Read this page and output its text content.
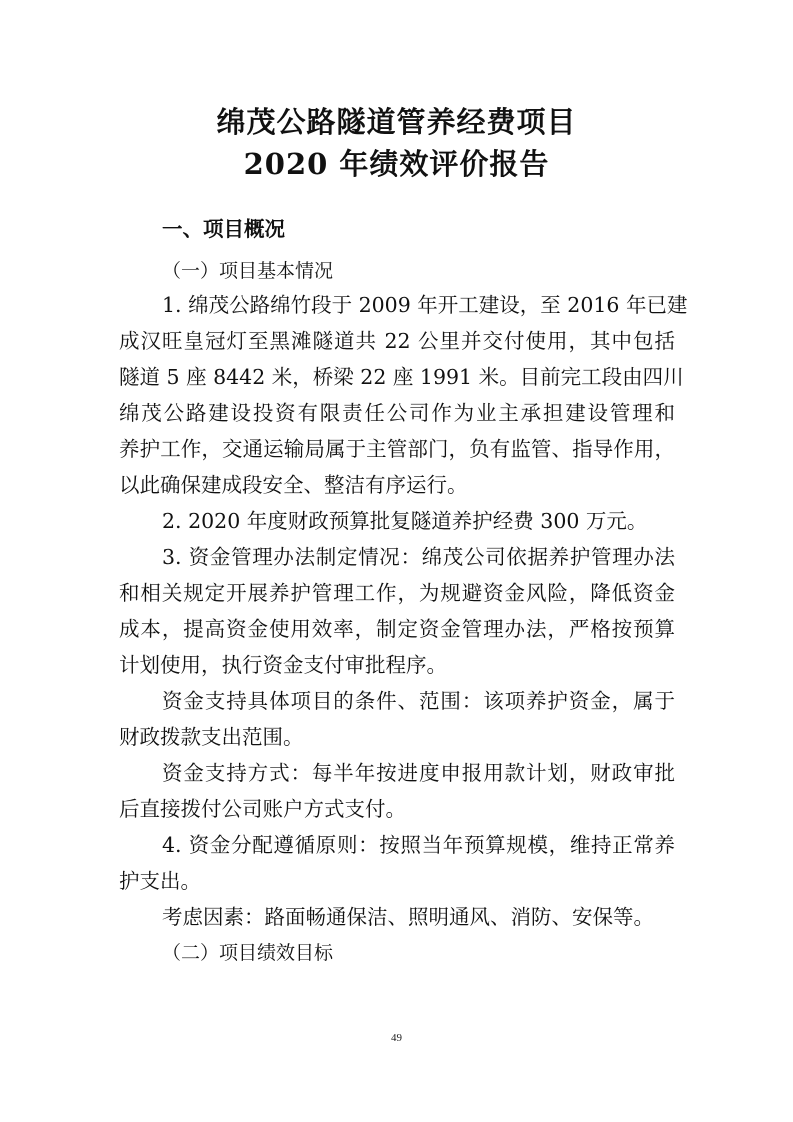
绵茂公路隧道管养经费项目
2020 年绩效评价报告
一、项目概况
（一）项目基本情况
1. 绵茂公路绵竹段于 2009 年开工建设，至 2016 年已建
成汉旺皇冠灯至黑滩隧道共 22 公里并交付使用，其中包括
隧道 5 座 8442 米，桥梁 22 座 1991 米。目前完工段由四川
绵茂公路建设投资有限责任公司作为业主承担建设管理和
养护工作，交通运输局属于主管部门，负有监管、指导作用，
以此确保建成段安全、整洁有序运行。
2. 2020 年度财政预算批复隧道养护经费 300 万元。
3. 资金管理办法制定情况：绵茂公司依据养护管理办法
和相关规定开展养护管理工作，为规避资金风险，降低资金
成本，提高资金使用效率，制定资金管理办法，严格按预算
计划使用，执行资金支付审批程序。
资金支持具体项目的条件、范围：该项养护资金，属于
财政拨款支出范围。
资金支持方式：每半年按进度申报用款计划，财政审批
后直接拨付公司账户方式支付。
4. 资金分配遵循原则：按照当年预算规模，维持正常养
护支出。
考虑因素：路面畅通保洁、照明通风、消防、安保等。
（二）项目绩效目标
49
